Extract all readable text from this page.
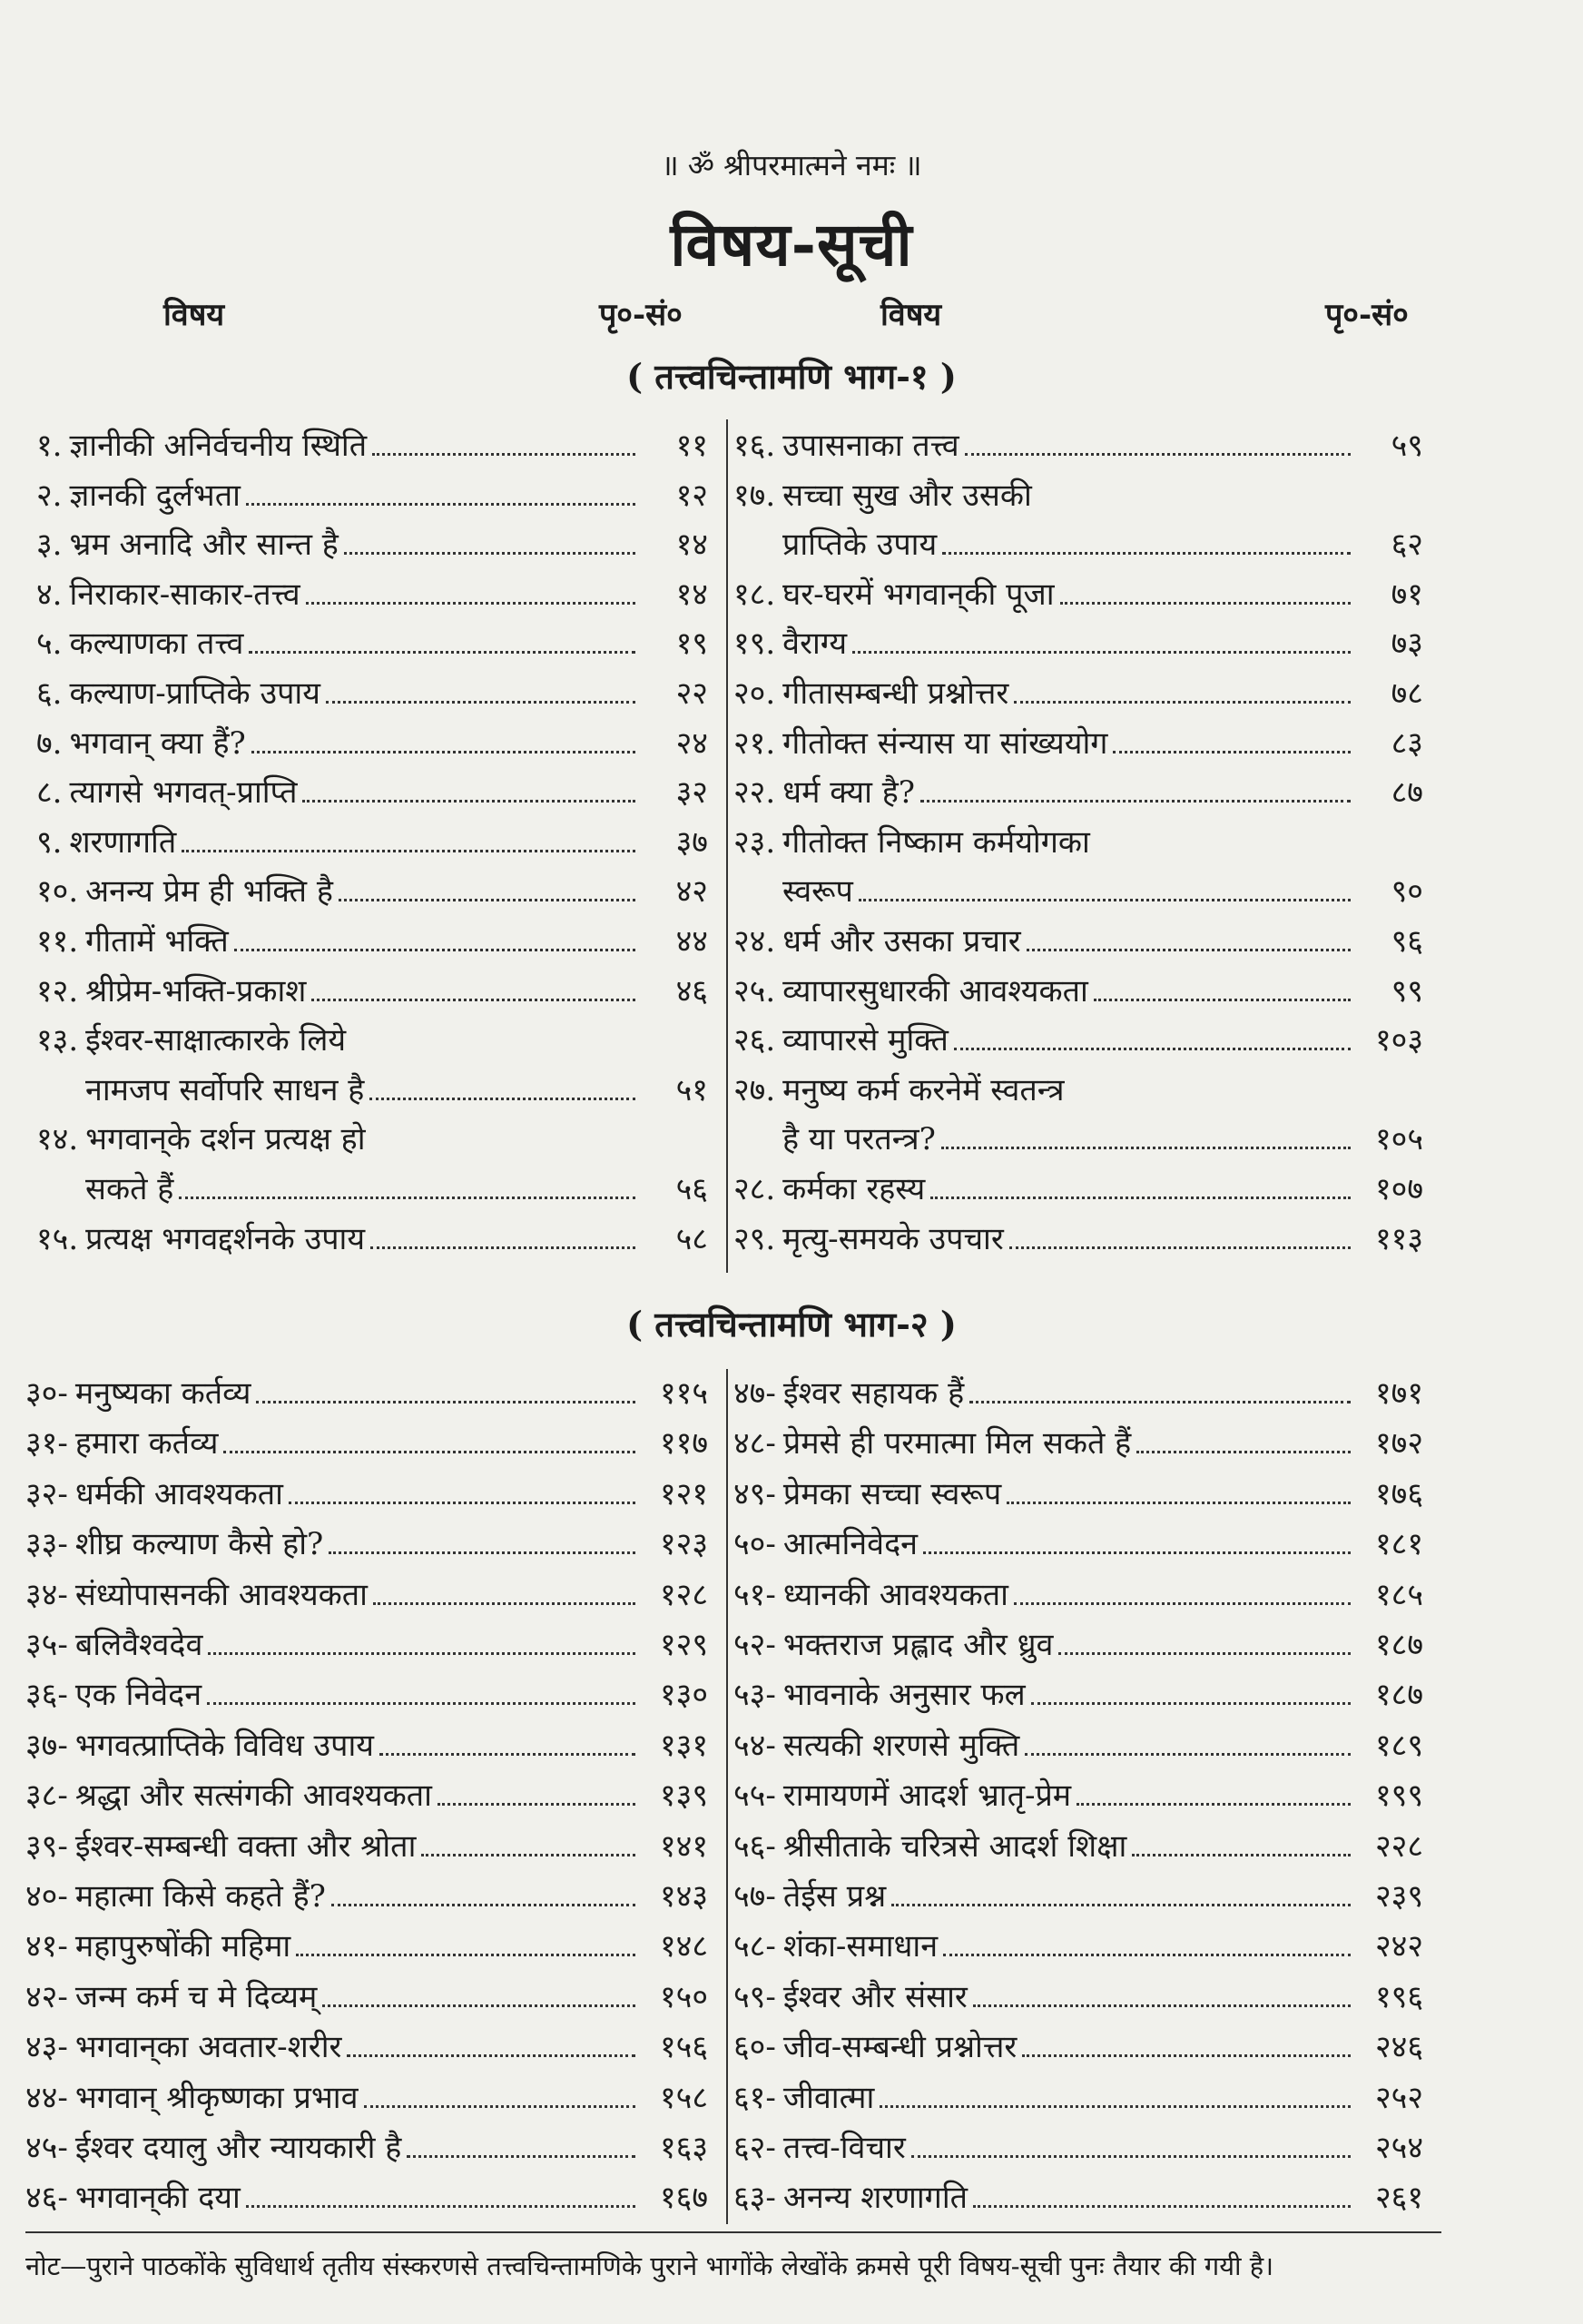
॥ ॐ श्रीपरमात्मने नमः ॥
विषय-सूची
विषय	पृ०-सं०	विषय	पृ०-सं०
( तत्त्वचिन्तामणि भाग-१ )
( तत्त्वचिन्तामणि भाग-२ )
१. ज्ञानीकी अनिर्वचनीय स्थिति	११
२. ज्ञानकी दुर्लभता	१२
३. भ्रम अनादि और सान्त है	१४
४. निराकार-साकार-तत्त्व	१४
५. कल्याणका तत्त्व	१९
६. कल्याण-प्राप्तिके उपाय	२२
७. भगवान् क्या हैं?	२४
८. त्यागसे भगवत्-प्राप्ति	३२
९. शरणागति	३७
१०. अनन्य प्रेम ही भक्ति है	४२
११. गीतामें भक्ति	४४
१२. श्रीप्रेम-भक्ति-प्रकाश	४६
१३. ईश्वर-साक्षात्कारके लिये
नामजप सर्वोपरि साधन है	५१
१४. भगवान्‌के दर्शन प्रत्यक्ष हो
सकते हैं	५६
१५. प्रत्यक्ष भगवद्दर्शनके उपाय	५८
१६. उपासनाका तत्त्व	५९
१७. सच्चा सुख और उसकी
प्राप्तिके उपाय	६२
१८. घर-घरमें भगवान्‌की पूजा	७१
१९. वैराग्य	७३
२०. गीतासम्बन्धी प्रश्नोत्तर	७८
२१. गीतोक्त संन्यास या सांख्ययोग	८३
२२. धर्म क्या है?	८७
२३. गीतोक्त निष्काम कर्मयोगका
स्वरूप	९०
२४. धर्म और उसका प्रचार	९६
२५. व्यापारसुधारकी आवश्यकता	९९
२६. व्यापारसे मुक्ति	१०३
२७. मनुष्य कर्म करनेमें स्वतन्त्र
है या परतन्त्र?	१०५
२८. कर्मका रहस्य	१०७
२९. मृत्यु-समयके उपचार	११३
३०- मनुष्यका कर्तव्य	११५
३१- हमारा कर्तव्य	११७
३२- धर्मकी आवश्यकता	१२१
३३- शीघ्र कल्याण कैसे हो?	१२३
३४- संध्योपासनकी आवश्यकता	१२८
३५- बलिवैश्वदेव	१२९
३६- एक निवेदन	१३०
३७- भगवत्प्राप्तिके विविध उपाय	१३१
३८- श्रद्धा और सत्संगकी आवश्यकता	१३९
३९- ईश्वर-सम्बन्धी वक्ता और श्रोता	१४१
४०- महात्मा किसे कहते हैं?	१४३
४१- महापुरुषोंकी महिमा	१४८
४२- जन्म कर्म च मे दिव्यम्	१५०
४३- भगवान्‌का अवतार-शरीर	१५६
४४- भगवान् श्रीकृष्णका प्रभाव	१५८
४५- ईश्वर दयालु और न्यायकारी है	१६३
४६- भगवान्‌की दया	१६७
४७- ईश्वर सहायक हैं	१७१
४८- प्रेमसे ही परमात्मा मिल सकते हैं	१७२
४९- प्रेमका सच्चा स्वरूप	१७६
५०- आत्मनिवेदन	१८१
५१- ध्यानकी आवश्यकता	१८५
५२- भक्तराज प्रह्लाद और ध्रुव	१८७
५३- भावनाके अनुसार फल	१८७
५४- सत्यकी शरणसे मुक्ति	१८९
५५- रामायणमें आदर्श भ्रातृ-प्रेम	१९९
५६- श्रीसीताके चरित्रसे आदर्श शिक्षा	२२८
५७- तेईस प्रश्न	२३९
५८- शंका-समाधान	२४२
५९- ईश्वर और संसार	१९६
६०- जीव-सम्बन्धी प्रश्नोत्तर	२४६
६१- जीवात्मा	२५२
६२- तत्त्व-विचार	२५४
६३- अनन्य शरणागति	२६१
नोट—पुराने पाठकोंके सुविधार्थ तृतीय संस्करणसे तत्त्वचिन्तामणिके पुराने भागोंके लेखोंके क्रमसे पूरी विषय-सूची पुनः तैयार की गयी है।
